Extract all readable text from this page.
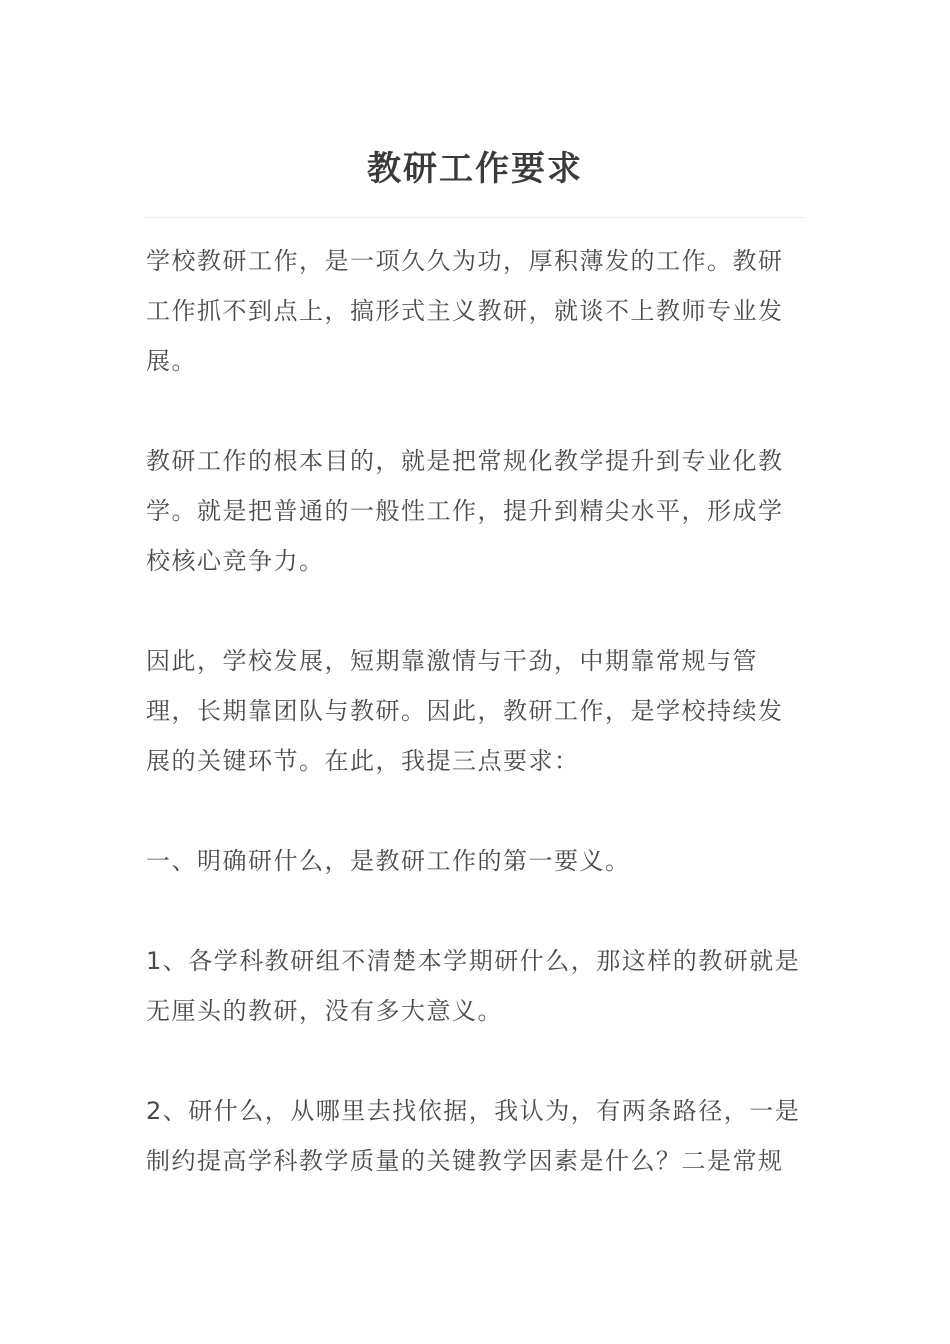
教研工作要求

学校教研工作，是一项久久为功，厚积薄发的工作。教研工作抓不到点上，搞形式主义教研，就谈不上教师专业发展。

教研工作的根本目的，就是把常规化教学提升到专业化教学。就是把普通的一般性工作，提升到精尖水平，形成学校核心竞争力。

因此，学校发展，短期靠激情与干劲，中期靠常规与管理，长期靠团队与教研。因此，教研工作，是学校持续发展的关键环节。在此，我提三点要求：

一、明确研什么，是教研工作的第一要义。

1、各学科教研组不清楚本学期研什么，那这样的教研就是无厘头的教研，没有多大意义。

2、研什么，从哪里去找依据，我认为，有两条路径，一是制约提高学科教学质量的关键教学因素是什么？二是常规
